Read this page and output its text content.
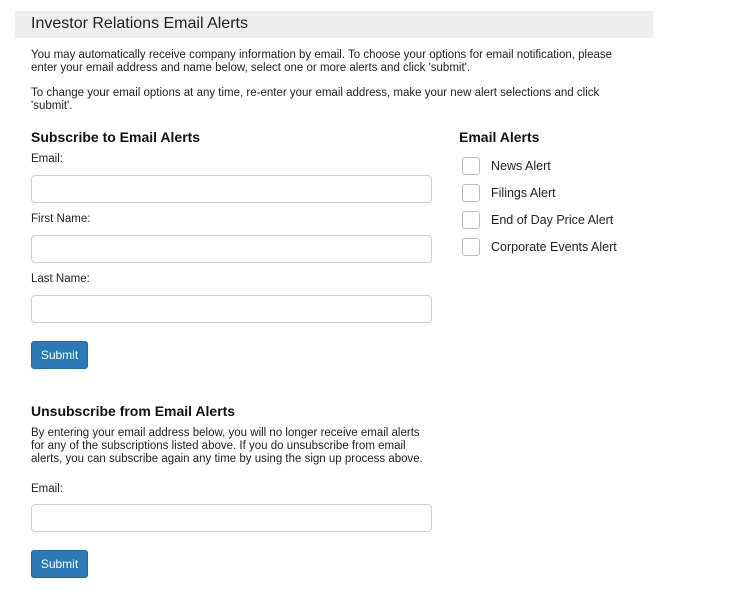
Investor Relations Email Alerts

You may automatically receive company information by email. To choose your options for email notification, please enter your email address and name below, select one or more alerts and click 'submit'.

To change your email options at any time, re-enter your email address, make your new alert selections and click 'submit'.

Subscribe to Email Alerts
Email:
First Name:
Last Name:
Submit
Email Alerts
News Alert
Filings Alert
End of Day Price Alert
Corporate Events Alert
Unsubscribe from Email Alerts

By entering your email address below, you will no longer receive email alerts for any of the subscriptions listed above. If you do unsubscribe from email alerts, you can subscribe again any time by using the sign up process above.

Email:
Submit
